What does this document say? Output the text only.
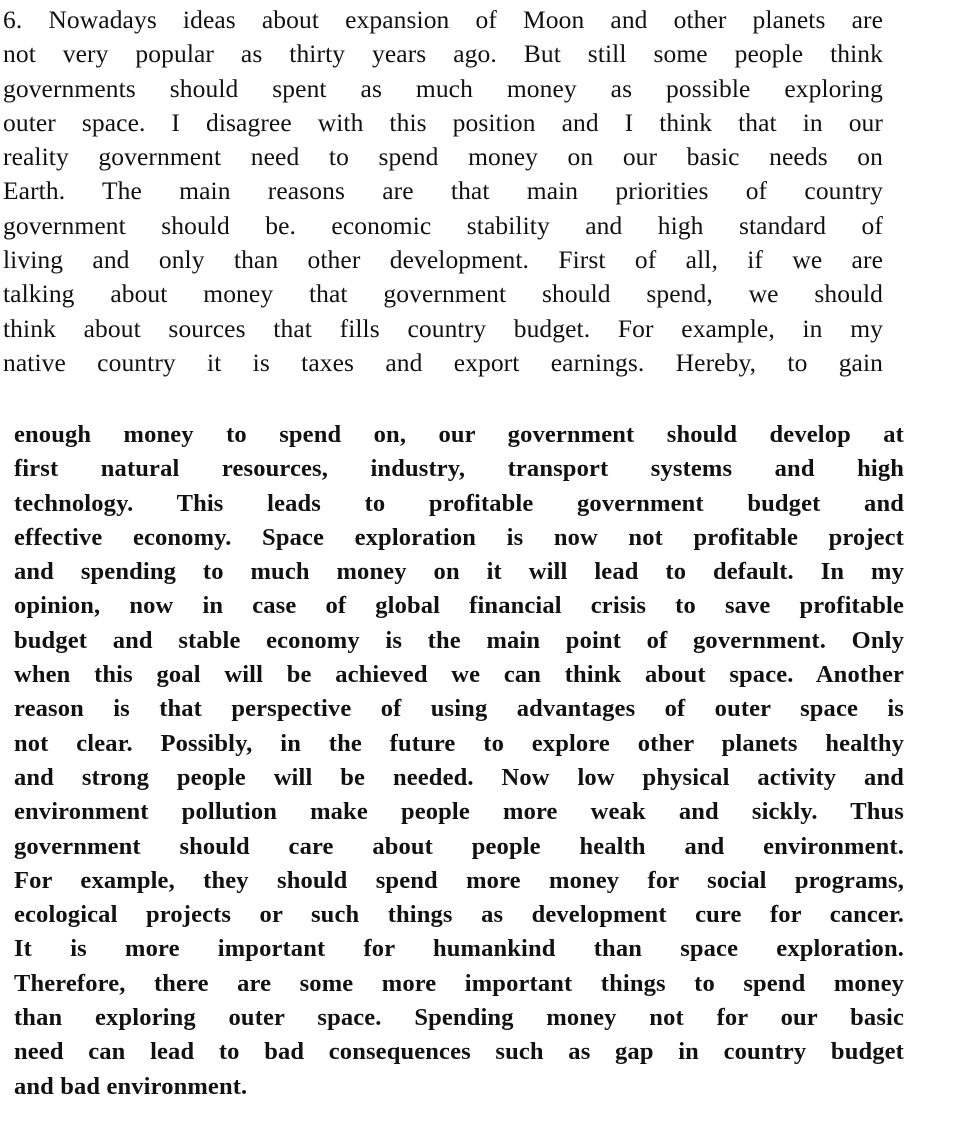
6. Nowadays ideas about expansion of Moon and other planets are
not very popular as thirty years ago. But still some people think
governments should spent as much money as possible exploring
outer space. I disagree with this position and I think that in our
reality government need to spend money on our basic needs on
Earth. The main reasons are that main priorities of country
government should be. economic stability and high standard of
living and only than other development. First of all, if we are
talking about money that government should spend, we should
think about sources that fills country budget. For example, in my
native country it is taxes and export earnings. Hereby, to gain
enough money to spend on, our government should develop at
first natural resources, industry, transport systems and high
technology. This leads to profitable government budget and
effective economy. Space exploration is now not profitable project
and spending to much money on it will lead to default. In my
opinion, now in case of global financial crisis to save profitable
budget and stable economy is the main point of government. Only
when this goal will be achieved we can think about space. Another
reason is that perspective of using advantages of outer space is
not clear. Possibly, in the future to explore other planets healthy
and strong people will be needed. Now low physical activity and
environment pollution make people more weak and sickly. Thus
government should care about people health and environment.
For example, they should spend more money for social programs,
ecological projects or such things as development cure for cancer.
It is more important for humankind than space exploration.
Therefore, there are some more important things to spend money
than exploring outer space. Spending money not for our basic
need can lead to bad consequences such as gap in country budget
and bad environment.
